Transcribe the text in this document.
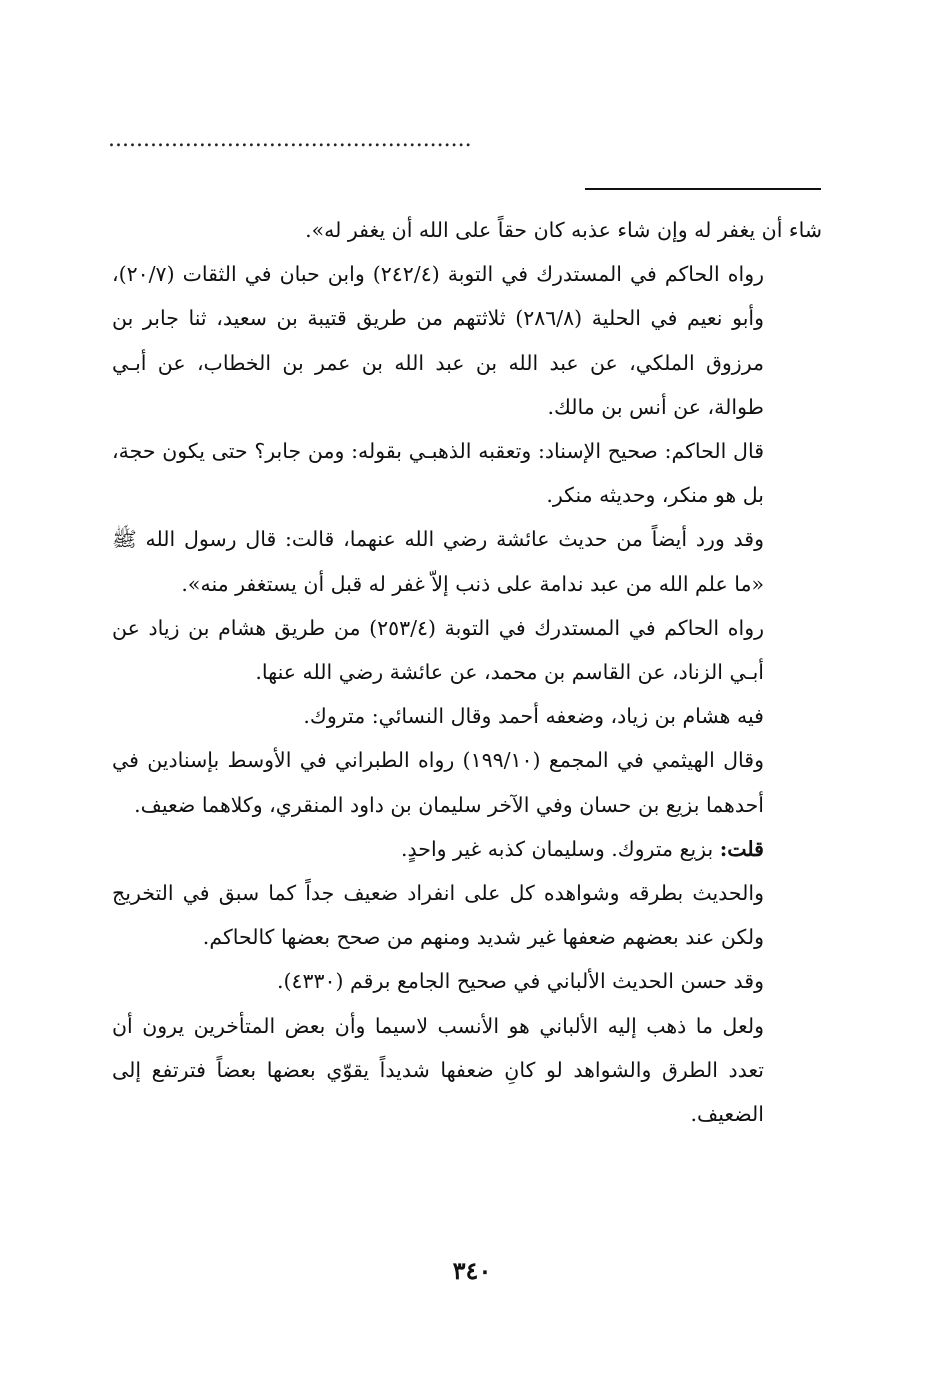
....................................................

شاء أن يغفر له وإن شاء عذبه كان حقاً على الله أن يغفر له».

رواه الحاكم في المستدرك في التوبة (٢٤٢/٤) وابن حبان في الثقات (٢٠/٧)، وأبو نعيم في الحلية (٢٨٦/٨) ثلاثتهم من طريق قتيبة بن سعيد، ثنا جابر بن مرزوق الملكي، عن عبد الله بن عبد الله بن عمر بن الخطاب، عن أبـي طوالة، عن أنس بن مالك.

قال الحاكم: صحيح الإسناد: وتعقبه الذهبـي بقوله: ومن جابر؟ حتى يكون حجة، بل هو منكر، وحديثه منكر.

وقد ورد أيضاً من حديث عائشة رضي الله عنهما، قالت: قال رسول الله ﷺ «ما علم الله من عبد ندامة على ذنب إلاّ غفر له قبل أن يستغفر منه».

رواه الحاكم في المستدرك في التوبة (٢٥٣/٤) من طريق هشام بن زياد عن أبـي الزناد، عن القاسم بن محمد، عن عائشة رضي الله عنها.

فيه هشام بن زياد، وضعفه أحمد وقال النسائي: متروك.

وقال الهيثمي في المجمع (١٩٩/١٠) رواه الطبراني في الأوسط بإسنادين في أحدهما بزيع بن حسان وفي الآخر سليمان بن داود المنقري، وكلاهما ضعيف.

قلت: بزيع متروك. وسليمان كذبه غير واحدٍ.

والحديث بطرقه وشواهده كل على انفراد ضعيف جداً كما سبق في التخريج ولكن عند بعضهم ضعفها غير شديد ومنهم من صحح بعضها كالحاكم.

وقد حسن الحديث الألباني في صحيح الجامع برقم (٤٣٣٠).

ولعل ما ذهب إليه الألباني هو الأنسب لاسيما وأن بعض المتأخرين يرون أن تعدد الطرق والشواهد لو كانِ ضعفها شديداً يقوّي بعضها بعضاً فترتفع إلى الضعيف.

٣٤٠
